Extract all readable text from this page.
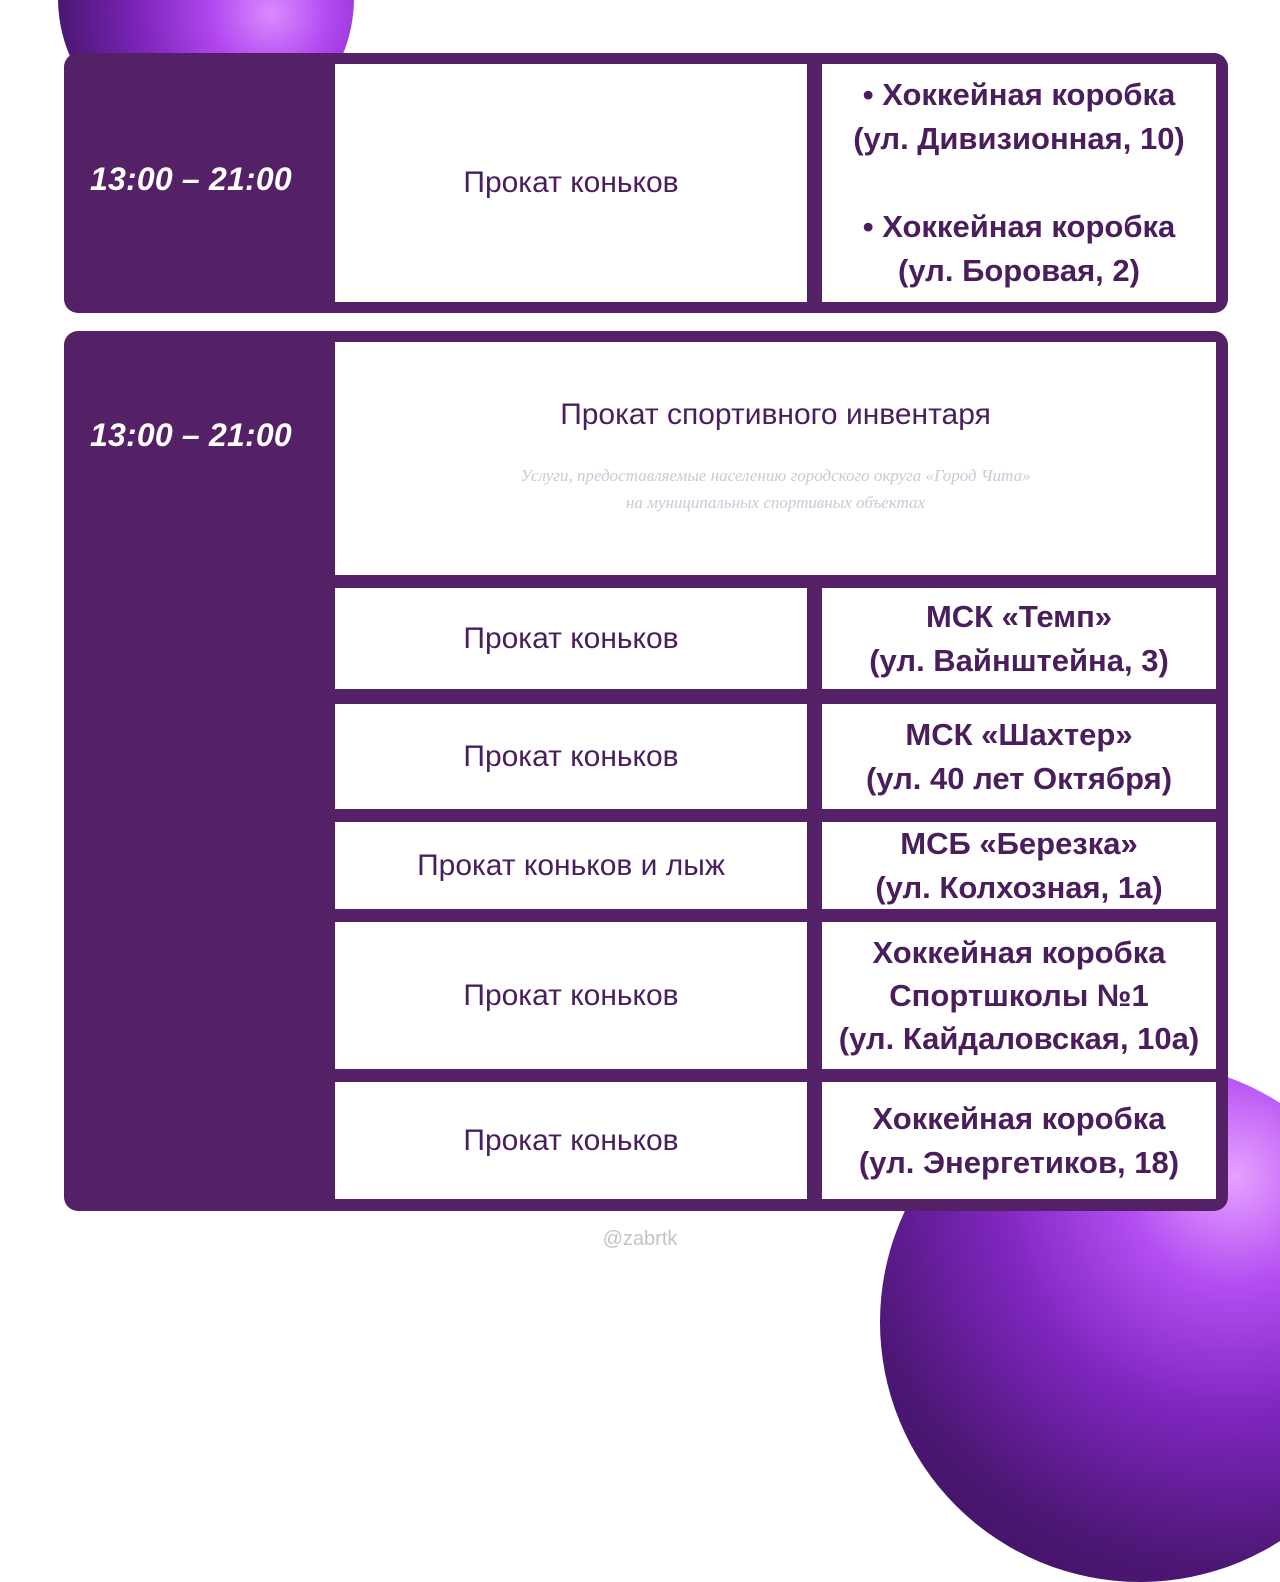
13:00 – 21:00	Прокат коньков
• Хоккейная коробка
(ул. Дивизионная, 10)
• Хоккейная коробка
(ул. Боровая, 2)
13:00 – 21:00
Прокат спортивного инвентаря
Услуги, предоставляемые населению городского округа «Город Чита»
на муниципальных спортивных объектах
Прокат коньков
МСК «Темп»
(ул. Вайнштейна, 3)
Прокат коньков
МСК «Шахтер»
(ул. 40 лет Октября)
Прокат коньков и лыж
МСБ «Березка»
(ул. Колхозная, 1а)
Прокат коньков
Хоккейная коробка
Спортшколы №1
(ул. Кайдаловская, 10а)
Прокат коньков
Хоккейная коробка
(ул. Энергетиков, 18)
@zabrtk
